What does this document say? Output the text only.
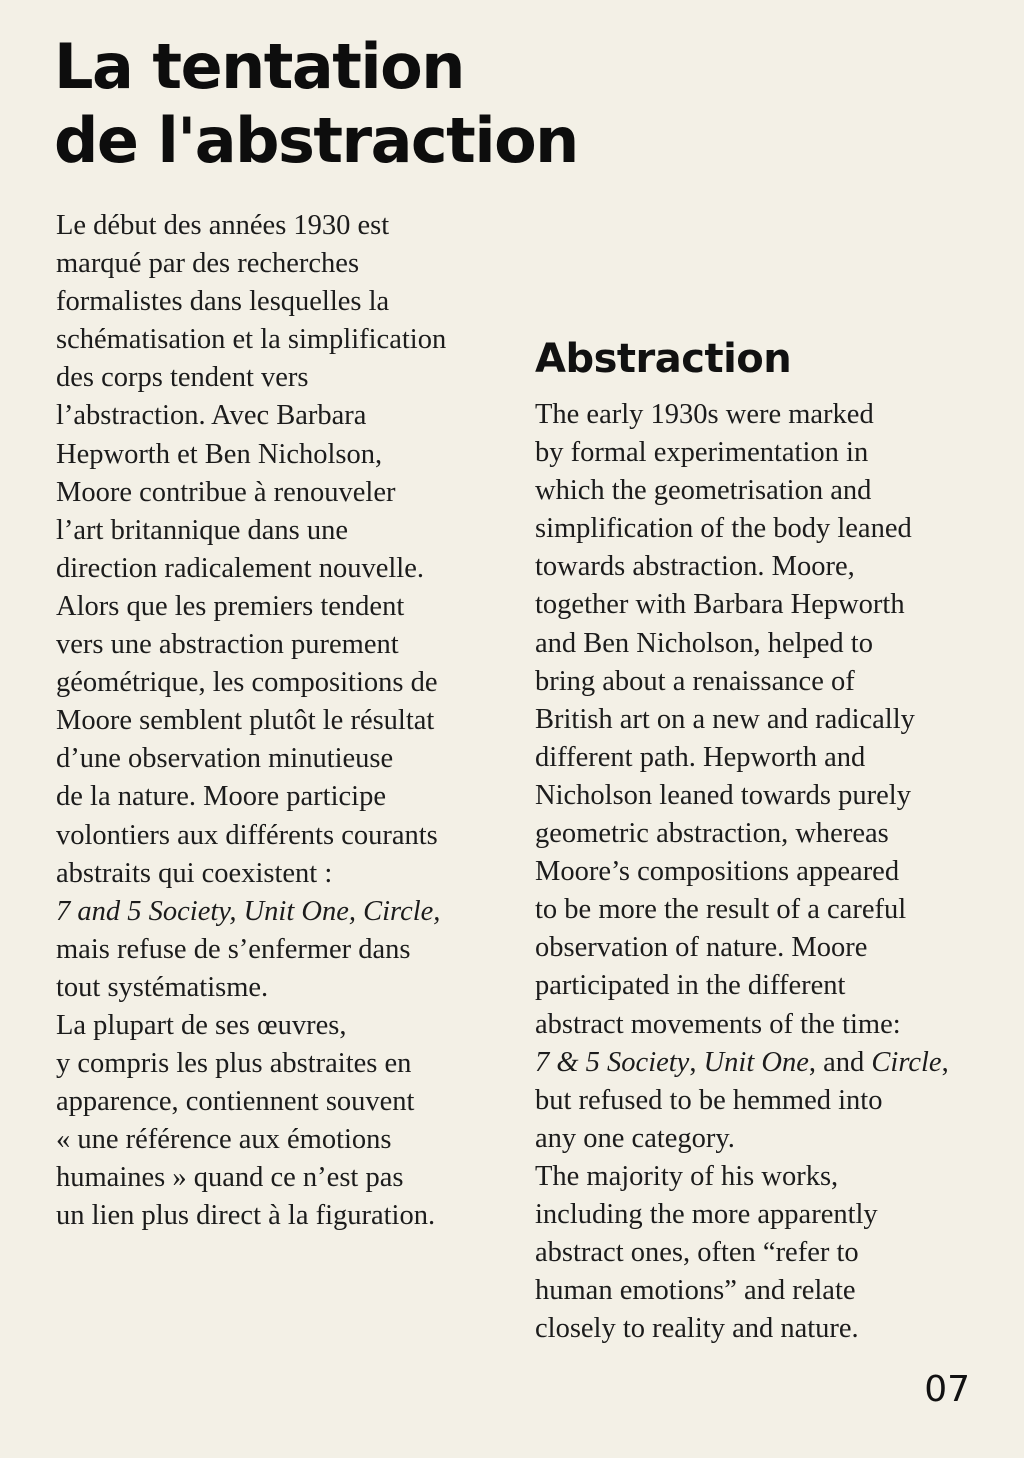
La tentation
de l'abstraction
Le début des années 1930 est
marqué par des recherches
formalistes dans lesquelles la
schématisation et la simplification
des corps tendent vers
l’abstraction. Avec Barbara
Hepworth et Ben Nicholson,
Moore contribue à renouveler
l’art britannique dans une
direction radicalement nouvelle.
Alors que les premiers tendent
vers une abstraction purement
géométrique, les compositions de
Moore semblent plutôt le résultat
d’une observation minutieuse
de la nature. Moore participe
volontiers aux différents courants
abstraits qui coexistent :
7 and 5 Society, Unit One, Circle,
mais refuse de s’enfermer dans
tout systématisme.
La plupart de ses œuvres,
y compris les plus abstraites en
apparence, contiennent souvent
« une référence aux émotions
humaines » quand ce n’est pas
un lien plus direct à la figuration.
Abstraction
The early 1930s were marked
by formal experimentation in
which the geometrisation and
simplification of the body leaned
towards abstraction. Moore,
together with Barbara Hepworth
and Ben Nicholson, helped to
bring about a renaissance of
British art on a new and radically
different path. Hepworth and
Nicholson leaned towards purely
geometric abstraction, whereas
Moore’s compositions appeared
to be more the result of a careful
observation of nature. Moore
participated in the different
abstract movements of the time:
7 & 5 Society, Unit One, and Circle,
but refused to be hemmed into
any one category.
The majority of his works,
including the more apparently
abstract ones, often “refer to
human emotions” and relate
closely to reality and nature.
07
